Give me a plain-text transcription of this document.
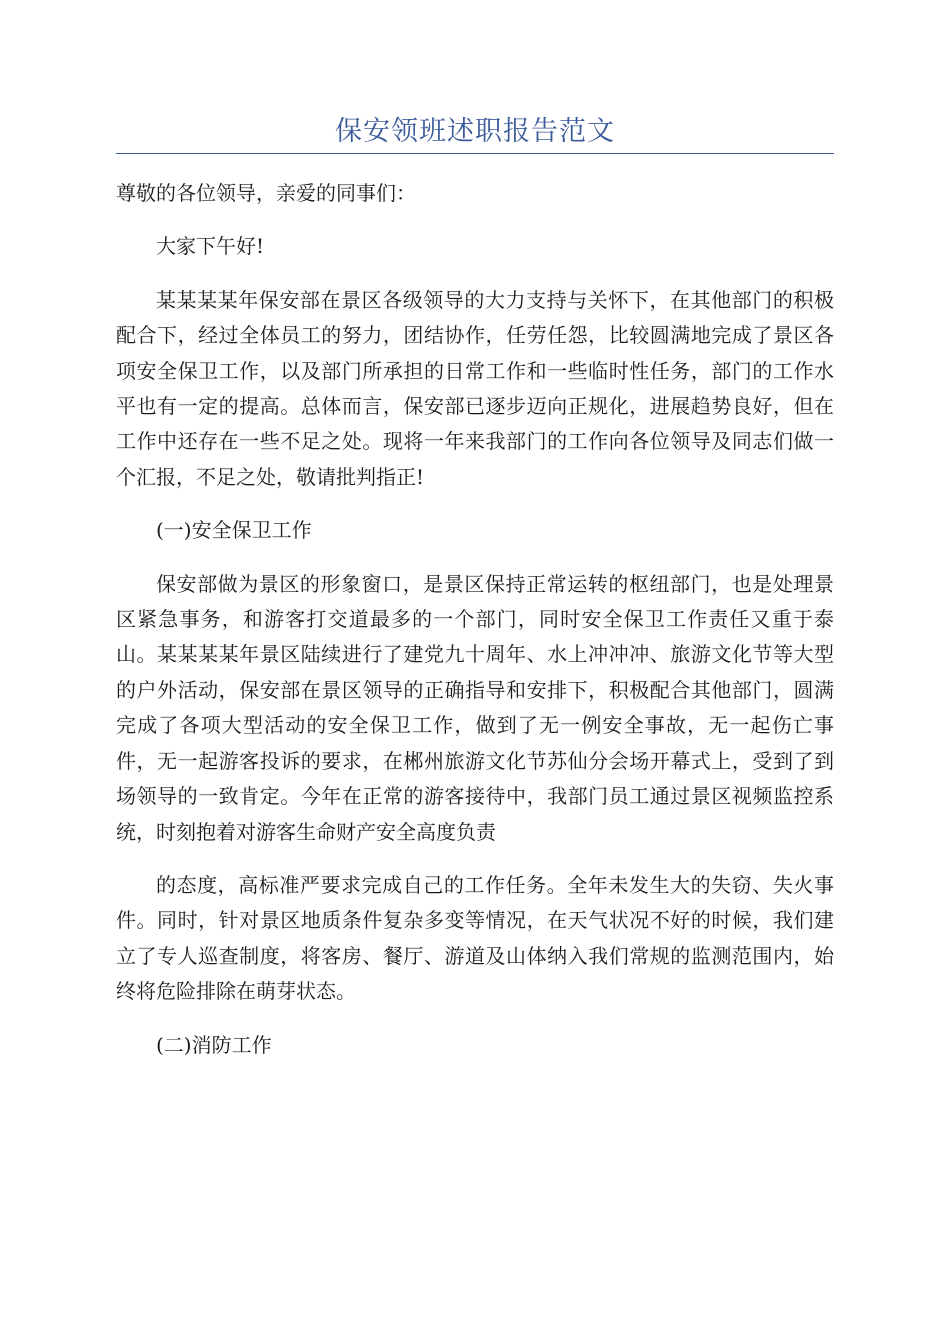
保安领班述职报告范文

尊敬的各位领导，亲爱的同事们：

大家下午好!

某某某某年保安部在景区各级领导的大力支持与关怀下，在其他部门的积极配合下，经过全体员工的努力，团结协作，任劳任怨，比较圆满地完成了景区各项安全保卫工作，以及部门所承担的日常工作和一些临时性任务，部门的工作水平也有一定的提高。总体而言，保安部已逐步迈向正规化，进展趋势良好，但在工作中还存在一些不足之处。现将一年来我部门的工作向各位领导及同志们做一个汇报，不足之处，敬请批判指正!

(一)安全保卫工作

保安部做为景区的形象窗口，是景区保持正常运转的枢纽部门，也是处理景区紧急事务，和游客打交道最多的一个部门，同时安全保卫工作责任又重于泰山。某某某某年景区陆续进行了建党九十周年、水上冲冲冲、旅游文化节等大型的户外活动，保安部在景区领导的正确指导和安排下，积极配合其他部门，圆满完成了各项大型活动的安全保卫工作，做到了无一例安全事故，无一起伤亡事件，无一起游客投诉的要求，在郴州旅游文化节苏仙分会场开幕式上，受到了到场领导的一致肯定。今年在正常的游客接待中，我部门员工通过景区视频监控系统，时刻抱着对游客生命财产安全高度负责

的态度，高标准严要求完成自己的工作任务。全年未发生大的失窃、失火事件。同时，针对景区地质条件复杂多变等情况，在天气状况不好的时候，我们建立了专人巡查制度，将客房、餐厅、游道及山体纳入我们常规的监测范围内，始终将危险排除在萌芽状态。

(二)消防工作
